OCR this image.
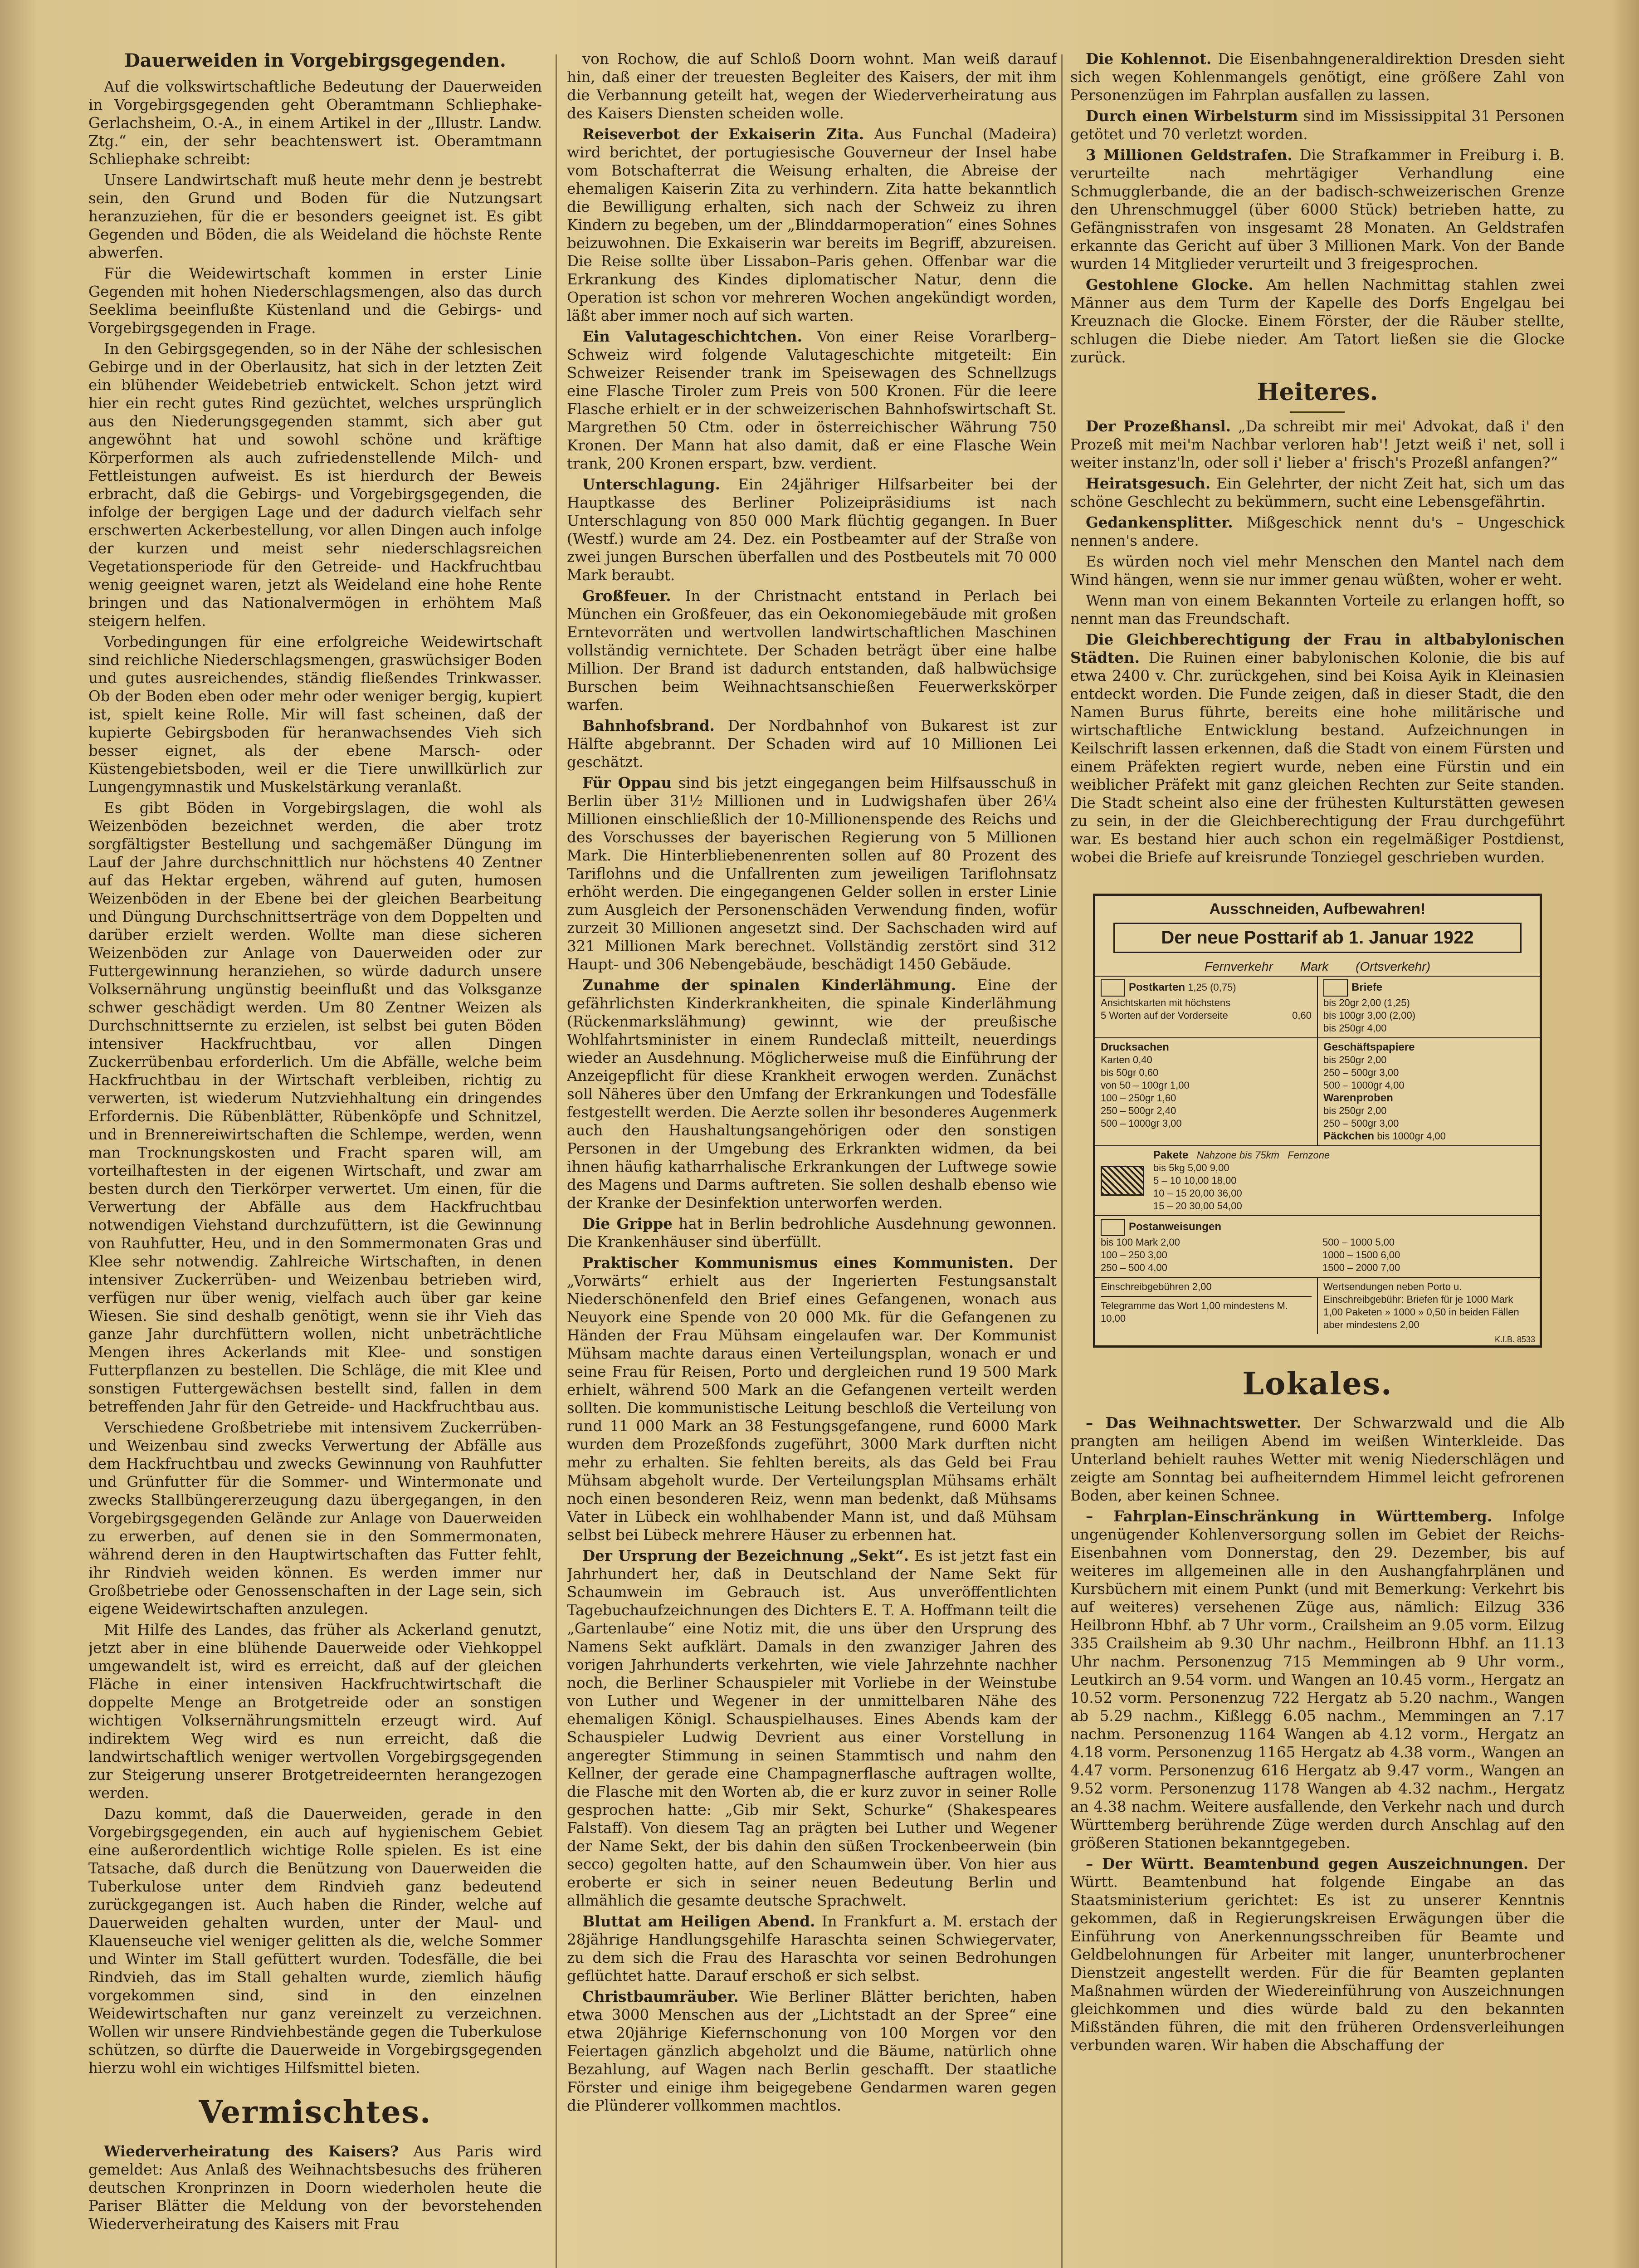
Dauerweiden in Vorgebirgsgegenden.

Auf die volkswirtschaftliche Bedeutung der Dauerweiden in Vorgebirgsgegenden geht Oberamtmann Schliephake-Gerlachsheim, O.-A., in einem Artikel in der „Illustr. Landw. Ztg.“ ein, der sehr beachtenswert ist. Oberamtmann Schliephake schreibt:

Unsere Landwirtschaft muß heute mehr denn je bestrebt sein, den Grund und Boden für die Nutzungsart heranzuziehen, für die er besonders geeignet ist. Es gibt Gegenden und Böden, die als Weideland die höchste Rente abwerfen.

Für die Weidewirtschaft kommen in erster Linie Gegenden mit hohen Niederschlagsmengen, also das durch Seeklima beeinflußte Küstenland und die Gebirgs- und Vorgebirgsgegenden in Frage.

In den Gebirgsgegenden, so in der Nähe der schlesischen Gebirge und in der Oberlausitz, hat sich in der letzten Zeit ein blühender Weidebetrieb entwickelt. Schon jetzt wird hier ein recht gutes Rind gezüchtet, welches ursprünglich aus den Niederungsgegenden stammt, sich aber gut angewöhnt hat und sowohl schöne und kräftige Körperformen als auch zufriedenstellende Milch- und Fettleistungen aufweist. Es ist hierdurch der Beweis erbracht, daß die Gebirgs- und Vorgebirgsgegenden, die infolge der bergigen Lage und der dadurch vielfach sehr erschwerten Ackerbestellung, vor allen Dingen auch infolge der kurzen und meist sehr niederschlagsreichen Vegetationsperiode für den Getreide- und Hackfruchtbau wenig geeignet waren, jetzt als Weideland eine hohe Rente bringen und das Nationalvermögen in erhöhtem Maß steigern helfen.

Vorbedingungen für eine erfolgreiche Weidewirtschaft sind reichliche Niederschlagsmengen, graswüchsiger Boden und gutes ausreichendes, ständig fließendes Trinkwasser. Ob der Boden eben oder mehr oder weniger bergig, kupiert ist, spielt keine Rolle. Mir will fast scheinen, daß der kupierte Gebirgsboden für heranwachsendes Vieh sich besser eignet, als der ebene Marsch- oder Küstengebietsboden, weil er die Tiere unwillkürlich zur Lungengymnastik und Muskelstärkung veranlaßt.

Es gibt Böden in Vorgebirgslagen, die wohl als Weizenböden bezeichnet werden, die aber trotz sorgfältigster Bestellung und sachgemäßer Düngung im Lauf der Jahre durchschnittlich nur höchstens 40 Zentner auf das Hektar ergeben, während auf guten, humosen Weizenböden in der Ebene bei der gleichen Bearbeitung und Düngung Durchschnittserträge von dem Doppelten und darüber erzielt werden. Wollte man diese sicheren Weizenböden zur Anlage von Dauerweiden oder zur Futtergewinnung heranziehen, so würde dadurch unsere Volksernährung ungünstig beeinflußt und das Volksganze schwer geschädigt werden. Um 80 Zentner Weizen als Durchschnittsernte zu erzielen, ist selbst bei guten Böden intensiver Hackfruchtbau, vor allen Dingen Zuckerrübenbau erforderlich. Um die Abfälle, welche beim Hackfruchtbau in der Wirtschaft verbleiben, richtig zu verwerten, ist wiederum Nutzviehhaltung ein dringendes Erfordernis. Die Rübenblätter, Rübenköpfe und Schnitzel, und in Brennereiwirtschaften die Schlempe, werden, wenn man Trocknungskosten und Fracht sparen will, am vorteilhaftesten in der eigenen Wirtschaft, und zwar am besten durch den Tierkörper verwertet. Um einen, für die Verwertung der Abfälle aus dem Hackfruchtbau notwendigen Viehstand durchzufüttern, ist die Gewinnung von Rauhfutter, Heu, und in den Sommermonaten Gras und Klee sehr notwendig. Zahlreiche Wirtschaften, in denen intensiver Zuckerrüben- und Weizenbau betrieben wird, verfügen nur über wenig, vielfach auch über gar keine Wiesen. Sie sind deshalb genötigt, wenn sie ihr Vieh das ganze Jahr durchfüttern wollen, nicht unbeträchtliche Mengen ihres Ackerlands mit Klee- und sonstigen Futterpflanzen zu bestellen. Die Schläge, die mit Klee und sonstigen Futtergewächsen bestellt sind, fallen in dem betreffenden Jahr für den Getreide- und Hackfruchtbau aus.

Verschiedene Großbetriebe mit intensivem Zuckerrüben- und Weizenbau sind zwecks Verwertung der Abfälle aus dem Hackfruchtbau und zwecks Gewinnung von Rauhfutter und Grünfutter für die Sommer- und Wintermonate und zwecks Stallbüngererzeugung dazu übergegangen, in den Vorgebirgsgegenden Gelände zur Anlage von Dauerweiden zu erwerben, auf denen sie in den Sommermonaten, während deren in den Hauptwirtschaften das Futter fehlt, ihr Rindvieh weiden können. Es werden immer nur Großbetriebe oder Genossenschaften in der Lage sein, sich eigene Weidewirtschaften anzulegen.

Mit Hilfe des Landes, das früher als Ackerland genutzt, jetzt aber in eine blühende Dauerweide oder Viehkoppel umgewandelt ist, wird es erreicht, daß auf der gleichen Fläche in einer intensiven Hackfruchtwirtschaft die doppelte Menge an Brotgetreide oder an sonstigen wichtigen Volksernährungsmitteln erzeugt wird. Auf indirektem Weg wird es nun erreicht, daß die landwirtschaftlich weniger wertvollen Vorgebirgsgegenden zur Steigerung unserer Brotgetreideernten herangezogen werden.

Dazu kommt, daß die Dauerweiden, gerade in den Vorgebirgsgegenden, ein auch auf hygienischem Gebiet eine außerordentlich wichtige Rolle spielen. Es ist eine Tatsache, daß durch die Benützung von Dauerweiden die Tuberkulose unter dem Rindvieh ganz bedeutend zurückgegangen ist. Auch haben die Rinder, welche auf Dauerweiden gehalten wurden, unter der Maul- und Klauenseuche viel weniger gelitten als die, welche Sommer und Winter im Stall gefüttert wurden. Todesfälle, die bei Rindvieh, das im Stall gehalten wurde, ziemlich häufig vorgekommen sind, sind in den einzelnen Weidewirtschaften nur ganz vereinzelt zu verzeichnen. Wollen wir unsere Rindviehbestände gegen die Tuberkulose schützen, so dürfte die Dauerweide in Vorgebirgsgegenden hierzu wohl ein wichtiges Hilfsmittel bieten.

Vermischtes.

Wiederverheiratung des Kaisers? Aus Paris wird gemeldet: Aus Anlaß des Weihnachtsbesuchs des früheren deutschen Kronprinzen in Doorn wiederholen heute die Pariser Blätter die Meldung von der bevorstehenden Wiederverheiratung des Kaisers mit Frau

von Rochow, die auf Schloß Doorn wohnt. Man weiß darauf hin, daß einer der treuesten Begleiter des Kaisers, der mit ihm die Verbannung geteilt hat, wegen der Wiederverheiratung aus des Kaisers Diensten scheiden wolle.

Reiseverbot der Exkaiserin Zita. Aus Funchal (Madeira) wird berichtet, der portugiesische Gouverneur der Insel habe vom Botschafterrat die Weisung erhalten, die Abreise der ehemaligen Kaiserin Zita zu verhindern. Zita hatte bekanntlich die Bewilligung erhalten, sich nach der Schweiz zu ihren Kindern zu begeben, um der „Blinddarmoperation“ eines Sohnes beizuwohnen. Die Exkaiserin war bereits im Begriff, abzureisen. Die Reise sollte über Lissabon–Paris gehen. Offenbar war die Erkrankung des Kindes diplomatischer Natur, denn die Operation ist schon vor mehreren Wochen angekündigt worden, läßt aber immer noch auf sich warten.

Ein Valutageschichtchen. Von einer Reise Vorarlberg–Schweiz wird folgende Valutageschichte mitgeteilt: Ein Schweizer Reisender trank im Speisewagen des Schnellzugs eine Flasche Tiroler zum Preis von 500 Kronen. Für die leere Flasche erhielt er in der schweizerischen Bahnhofswirtschaft St. Margrethen 50 Ctm. oder in österreichischer Währung 750 Kronen. Der Mann hat also damit, daß er eine Flasche Wein trank, 200 Kronen erspart, bzw. verdient.

Unterschlagung. Ein 24jähriger Hilfsarbeiter bei der Hauptkasse des Berliner Polizeipräsidiums ist nach Unterschlagung von 850 000 Mark flüchtig gegangen. In Buer (Westf.) wurde am 24. Dez. ein Postbeamter auf der Straße von zwei jungen Burschen überfallen und des Postbeutels mit 70 000 Mark beraubt.

Großfeuer. In der Christnacht entstand in Perlach bei München ein Großfeuer, das ein Oekonomiegebäude mit großen Erntevorräten und wertvollen landwirtschaftlichen Maschinen vollständig vernichtete. Der Schaden beträgt über eine halbe Million. Der Brand ist dadurch entstanden, daß halbwüchsige Burschen beim Weihnachtsanschießen Feuerwerkskörper warfen.

Bahnhofsbrand. Der Nordbahnhof von Bukarest ist zur Hälfte abgebrannt. Der Schaden wird auf 10 Millionen Lei geschätzt.

Für Oppau sind bis jetzt eingegangen beim Hilfsausschuß in Berlin über 31½ Millionen und in Ludwigshafen über 26¼ Millionen einschließlich der 10-Millionenspende des Reichs und des Vorschusses der bayerischen Regierung von 5 Millionen Mark. Die Hinterbliebenenrenten sollen auf 80 Prozent des Tariflohns und die Unfallrenten zum jeweiligen Tariflohnsatz erhöht werden. Die eingegangenen Gelder sollen in erster Linie zum Ausgleich der Personenschäden Verwendung finden, wofür zurzeit 30 Millionen angesetzt sind. Der Sachschaden wird auf 321 Millionen Mark berechnet. Vollständig zerstört sind 312 Haupt- und 306 Nebengebäude, beschädigt 1450 Gebäude.

Zunahme der spinalen Kinderlähmung. Eine der gefährlichsten Kinderkrankheiten, die spinale Kinderlähmung (Rückenmarkslähmung) gewinnt, wie der preußische Wohlfahrtsminister in einem Rundeclaß mitteilt, neuerdings wieder an Ausdehnung. Möglicherweise muß die Einführung der Anzeigepflicht für diese Krankheit erwogen werden. Zunächst soll Näheres über den Umfang der Erkrankungen und Todesfälle festgestellt werden. Die Aerzte sollen ihr besonderes Augenmerk auch den Haushaltungsangehörigen oder den sonstigen Personen in der Umgebung des Erkrankten widmen, da bei ihnen häufig katharrhalische Erkrankungen der Luftwege sowie des Magens und Darms auftreten. Sie sollen deshalb ebenso wie der Kranke der Desinfektion unterworfen werden.

Die Grippe hat in Berlin bedrohliche Ausdehnung gewonnen. Die Krankenhäuser sind überfüllt.

Praktischer Kommunismus eines Kommunisten. Der „Vorwärts“ erhielt aus der Ingerierten Festungsanstalt Niederschönenfeld den Brief eines Gefangenen, wonach aus Neuyork eine Spende von 20 000 Mk. für die Gefangenen zu Händen der Frau Mühsam eingelaufen war. Der Kommunist Mühsam machte daraus einen Verteilungsplan, wonach er und seine Frau für Reisen, Porto und dergleichen rund 19 500 Mark erhielt, während 500 Mark an die Gefangenen verteilt werden sollten. Die kommunistische Leitung beschloß die Verteilung von rund 11 000 Mark an 38 Festungsgefangene, rund 6000 Mark wurden dem Prozeßfonds zugeführt, 3000 Mark durften nicht mehr zu erhalten. Sie fehlten bereits, als das Geld bei Frau Mühsam abgeholt wurde. Der Verteilungsplan Mühsams erhält noch einen besonderen Reiz, wenn man bedenkt, daß Mühsams Vater in Lübeck ein wohlhabender Mann ist, und daß Mühsam selbst bei Lübeck mehrere Häuser zu erbennen hat.

Der Ursprung der Bezeichnung „Sekt“. Es ist jetzt fast ein Jahrhundert her, daß in Deutschland der Name Sekt für Schaumwein im Gebrauch ist. Aus unveröffentlichten Tagebuchaufzeichnungen des Dichters E. T. A. Hoffmann teilt die „Gartenlaube“ eine Notiz mit, die uns über den Ursprung des Namens Sekt aufklärt. Damals in den zwanziger Jahren des vorigen Jahrhunderts verkehrten, wie viele Jahrzehnte nachher noch, die Berliner Schauspieler mit Vorliebe in der Weinstube von Luther und Wegener in der unmittelbaren Nähe des ehemaligen Königl. Schauspielhauses. Eines Abends kam der Schauspieler Ludwig Devrient aus einer Vorstellung in angeregter Stimmung in seinen Stammtisch und nahm den Kellner, der gerade eine Champagnerflasche auftragen wollte, die Flasche mit den Worten ab, die er kurz zuvor in seiner Rolle gesprochen hatte: „Gib mir Sekt, Schurke“ (Shakespeares Falstaff). Von diesem Tag an prägten bei Luther und Wegener der Name Sekt, der bis dahin den süßen Trockenbeerwein (bin secco) gegolten hatte, auf den Schaumwein über. Von hier aus eroberte er sich in seiner neuen Bedeutung Berlin und allmählich die gesamte deutsche Sprachwelt.

Bluttat am Heiligen Abend. In Frankfurt a. M. erstach der 28jährige Handlungsgehilfe Haraschta seinen Schwiegervater, zu dem sich die Frau des Haraschta vor seinen Bedrohungen geflüchtet hatte. Darauf erschoß er sich selbst.

Christbaumräuber. Wie Berliner Blätter berichten, haben etwa 3000 Menschen aus der „Lichtstadt an der Spree“ eine etwa 20jährige Kiefernschonung von 100 Morgen vor den Feiertagen gänzlich abgeholzt und die Bäume, natürlich ohne Bezahlung, auf Wagen nach Berlin geschafft. Der staatliche Förster und einige ihm beigegebene Gendarmen waren gegen die Plünderer vollkommen machtlos.

Die Kohlennot. Die Eisenbahngeneraldirektion Dresden sieht sich wegen Kohlenmangels genötigt, eine größere Zahl von Personenzügen im Fahrplan ausfallen zu lassen.

Durch einen Wirbelsturm sind im Mississippital 31 Personen getötet und 70 verletzt worden.

3 Millionen Geldstrafen. Die Strafkammer in Freiburg i. B. verurteilte nach mehrtägiger Verhandlung eine Schmugglerbande, die an der badisch-schweizerischen Grenze den Uhrenschmuggel (über 6000 Stück) betrieben hatte, zu Gefängnisstrafen von insgesamt 28 Monaten. An Geldstrafen erkannte das Gericht auf über 3 Millionen Mark. Von der Bande wurden 14 Mitglieder verurteilt und 3 freigesprochen.

Gestohlene Glocke. Am hellen Nachmittag stahlen zwei Männer aus dem Turm der Kapelle des Dorfs Engelgau bei Kreuznach die Glocke. Einem Förster, der die Räuber stellte, schlugen die Diebe nieder. Am Tatort ließen sie die Glocke zurück.

Heiteres.

Der Prozeßhansl. „Da schreibt mir mei' Advokat, daß i' den Prozeß mit mei'm Nachbar verloren hab'! Jetzt weiß i' net, soll i weiter instanz'ln, oder soll i' lieber a' frisch's Prozeßl anfangen?“

Heiratsgesuch. Ein Gelehrter, der nicht Zeit hat, sich um das schöne Geschlecht zu bekümmern, sucht eine Lebensgefährtin.

Gedankensplitter. Mißgeschick nennt du's – Ungeschick nennen's andere.

Es würden noch viel mehr Menschen den Mantel nach dem Wind hängen, wenn sie nur immer genau wüßten, woher er weht.

Wenn man von einem Bekannten Vorteile zu erlangen hofft, so nennt man das Freundschaft.

Die Gleichberechtigung der Frau in altbabylonischen Städten. Die Ruinen einer babylonischen Kolonie, die bis auf etwa 2400 v. Chr. zurückgehen, sind bei Koisa Ayik in Kleinasien entdeckt worden. Die Funde zeigen, daß in dieser Stadt, die den Namen Burus führte, bereits eine hohe militärische und wirtschaftliche Entwicklung bestand. Aufzeichnungen in Keilschrift lassen erkennen, daß die Stadt von einem Fürsten und einem Präfekten regiert wurde, neben eine Fürstin und ein weiblicher Präfekt mit ganz gleichen Rechten zur Seite standen. Die Stadt scheint also eine der frühesten Kulturstätten gewesen zu sein, in der die Gleichberechtigung der Frau durchgeführt war. Es bestand hier auch schon ein regelmäßiger Postdienst, wobei die Briefe auf kreisrunde Tonziegel geschrieben wurden.

Ausschneiden, Aufbewahren!
Der neue Posttarif ab 1. Januar 1922
Fernverkehr Mark (Ortsverkehr)
Postkarten 1,25 (0,75)
Ansichtskarten mit höchstens
5 Worten auf der Vorderseite	0,60
Briefe
bis 20gr 2,00 (1,25)
bis 100gr 3,00 (2,00)
bis 250gr 4,00
Drucksachen
Karten 0,40
bis 50gr 0,60
von 50 – 100gr 1,00
100 – 250gr 1,60
250 – 500gr 2,40
500 – 1000gr 3,00
Geschäftspapiere
bis 250gr 2,00
250 – 500gr 3,00
500 – 1000gr 4,00
Warenproben
bis 250gr 2,00
250 – 500gr 3,00
Päckchen bis 1000gr 4,00
Pakete Nahzone bis 75km Fernzone
bis 5kg 5,00 9,00
5 – 10 10,00 18,00
10 – 15 20,00 36,00
15 – 20 30,00 54,00
Postanweisungen
bis 100 Mark 2,00
100 – 250 3,00
250 – 500 4,00
500 – 1000 5,00
1000 – 1500 6,00
1500 – 2000 7,00
Einschreibgebühren 2,00
Telegramme das Wort 1,00 mindestens M. 10,00
Wertsendungen neben Porto u. Einschreibgebühr: Briefen für je 1000 Mark 1,00 Paketen » 1000 » 0,50 in beiden Fällen aber mindestens 2,00
K.I.B. 8533
Lokales.

– Das Weihnachtswetter. Der Schwarzwald und die Alb prangten am heiligen Abend im weißen Winterkleide. Das Unterland behielt rauhes Wetter mit wenig Niederschlägen und zeigte am Sonntag bei aufheiterndem Himmel leicht gefrorenen Boden, aber keinen Schnee.

– Fahrplan-Einschränkung in Württemberg. Infolge ungenügender Kohlenversorgung sollen im Gebiet der Reichs-Eisenbahnen vom Donnerstag, den 29. Dezember, bis auf weiteres im allgemeinen alle in den Aushangfahrplänen und Kursbüchern mit einem Punkt (und mit Bemerkung: Verkehrt bis auf weiteres) versehenen Züge aus, nämlich: Eilzug 336 Heilbronn Hbhf. ab 7 Uhr vorm., Crailsheim an 9.05 vorm. Eilzug 335 Crailsheim ab 9.30 Uhr nachm., Heilbronn Hbhf. an 11.13 Uhr nachm. Personenzug 715 Memmingen ab 9 Uhr vorm., Leutkirch an 9.54 vorm. und Wangen an 10.45 vorm., Hergatz an 10.52 vorm. Personenzug 722 Hergatz ab 5.20 nachm., Wangen ab 5.29 nachm., Kißlegg 6.05 nachm., Memmingen an 7.17 nachm. Personenzug 1164 Wangen ab 4.12 vorm., Hergatz an 4.18 vorm. Personenzug 1165 Hergatz ab 4.38 vorm., Wangen an 4.47 vorm. Personenzug 616 Hergatz ab 9.47 vorm., Wangen an 9.52 vorm. Personenzug 1178 Wangen ab 4.32 nachm., Hergatz an 4.38 nachm. Weitere ausfallende, den Verkehr nach und durch Württemberg berührende Züge werden durch Anschlag auf den größeren Stationen bekanntgegeben.

– Der Württ. Beamtenbund gegen Auszeichnungen. Der Württ. Beamtenbund hat folgende Eingabe an das Staatsministerium gerichtet: Es ist zu unserer Kenntnis gekommen, daß in Regierungskreisen Erwägungen über die Einführung von Anerkennungsschreiben für Beamte und Geldbelohnungen für Arbeiter mit langer, ununterbrochener Dienstzeit angestellt werden. Für die für Beamten geplanten Maßnahmen würden der Wiedereinführung von Auszeichnungen gleichkommen und dies würde bald zu den bekannten Mißständen führen, die mit den früheren Ordensverleihungen verbunden waren. Wir haben die Abschaffung der
